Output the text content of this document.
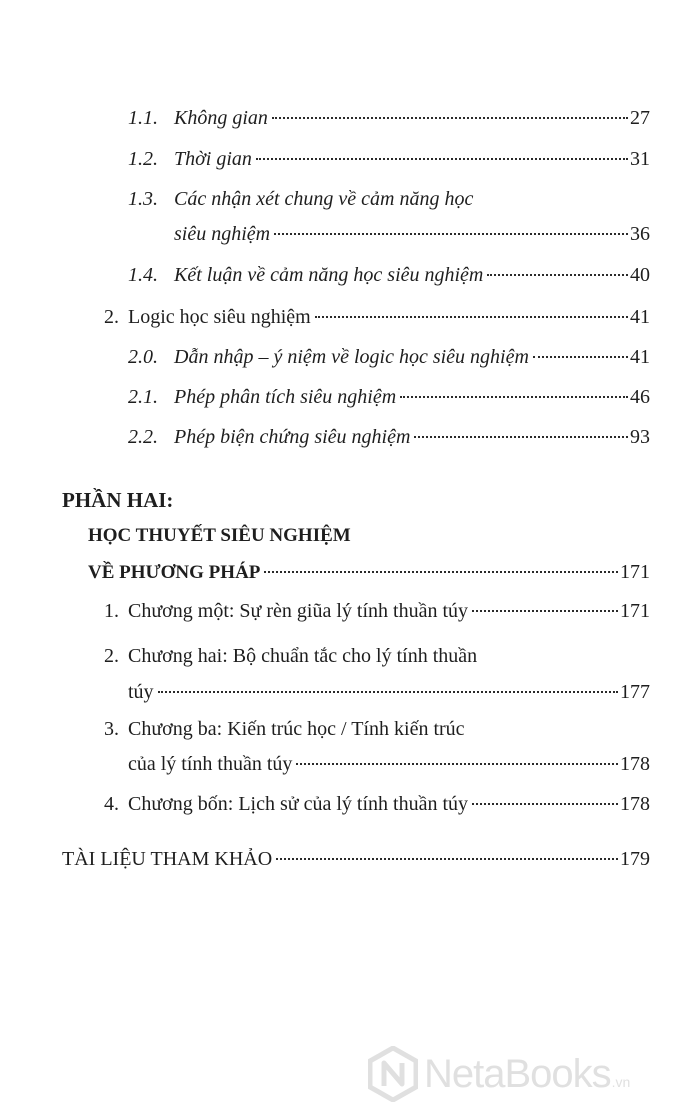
1.1. Không gian	27
1.2. Thời gian	31
1.3. Các nhận xét chung về cảm năng học
siêu nghiệm	36
1.4. Kết luận về cảm năng học siêu nghiệm	40
2. Logic học siêu nghiệm	41
2.0. Dẫn nhập – ý niệm về logic học siêu nghiệm	41
2.1. Phép phân tích siêu nghiệm	46
2.2. Phép biện chứng siêu nghiệm	93
PHẦN HAI:
HỌC THUYẾT SIÊU NGHIỆM
VỀ PHƯƠNG PHÁP	171
1. Chương một: Sự rèn giũa lý tính thuần túy	171
2. Chương hai: Bộ chuẩn tắc cho lý tính thuần
túy	177
3. Chương ba: Kiến trúc học / Tính kiến trúc
của lý tính thuần túy	178
4. Chương bốn: Lịch sử của lý tính thuần túy	178
TÀI LIỆU THAM KHẢO	179
NetaBooks .vn
